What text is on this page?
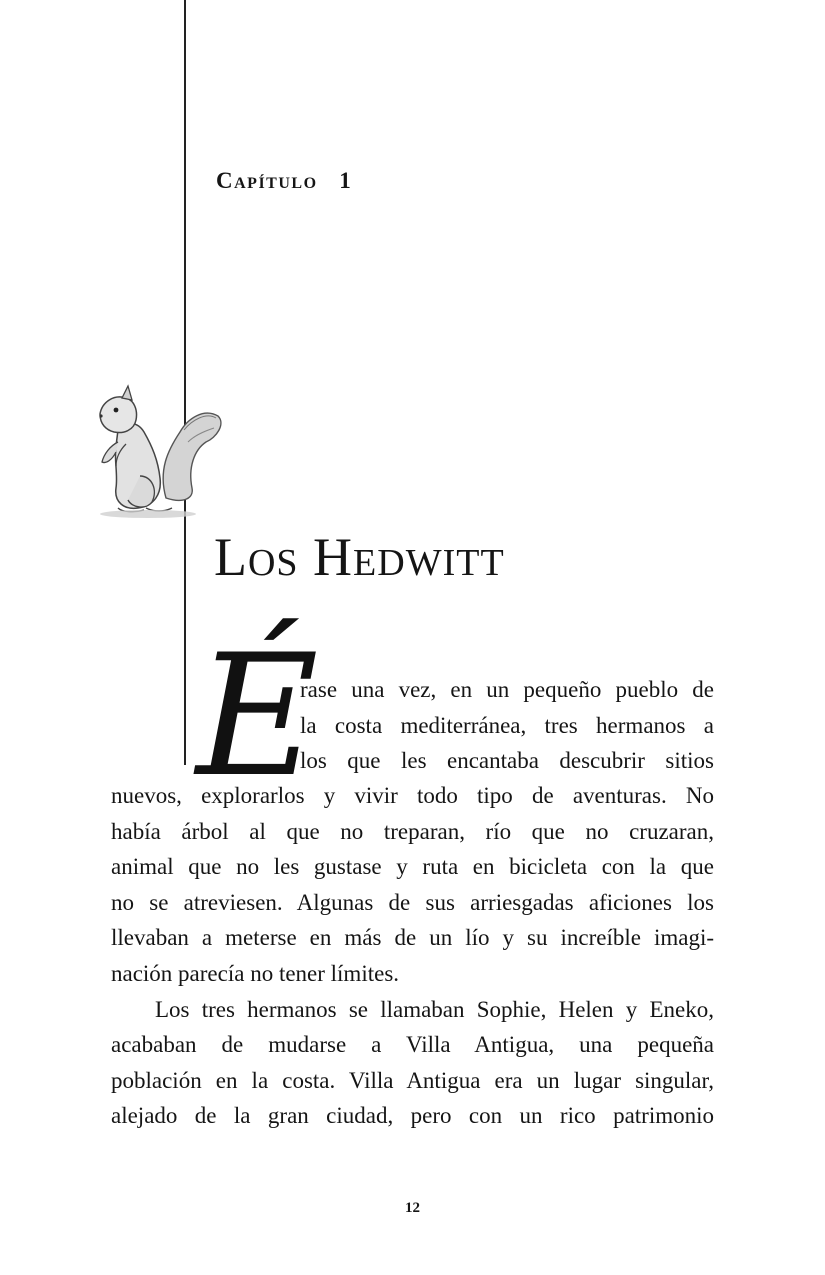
Capítulo   1
Los Hedwitt
É
rase una vez, en un pequeño pueblo de
la costa mediterránea, tres hermanos a
los que les encantaba descubrir sitios
nuevos, explorarlos y vivir todo tipo de aventuras. No
había árbol al que no treparan, río que no cruzaran,
animal que no les gustase y ruta en bicicleta con la que
no se atreviesen. Algunas de sus arriesgadas aficiones los
llevaban a meterse en más de un lío y su increíble imagi-
nación parecía no tener límites.
Los tres hermanos se llamaban Sophie, Helen y Eneko,
acababan de mudarse a Villa Antigua, una pequeña
población en la costa. Villa Antigua era un lugar singular,
alejado de la gran ciudad, pero con un rico patrimonio
12
